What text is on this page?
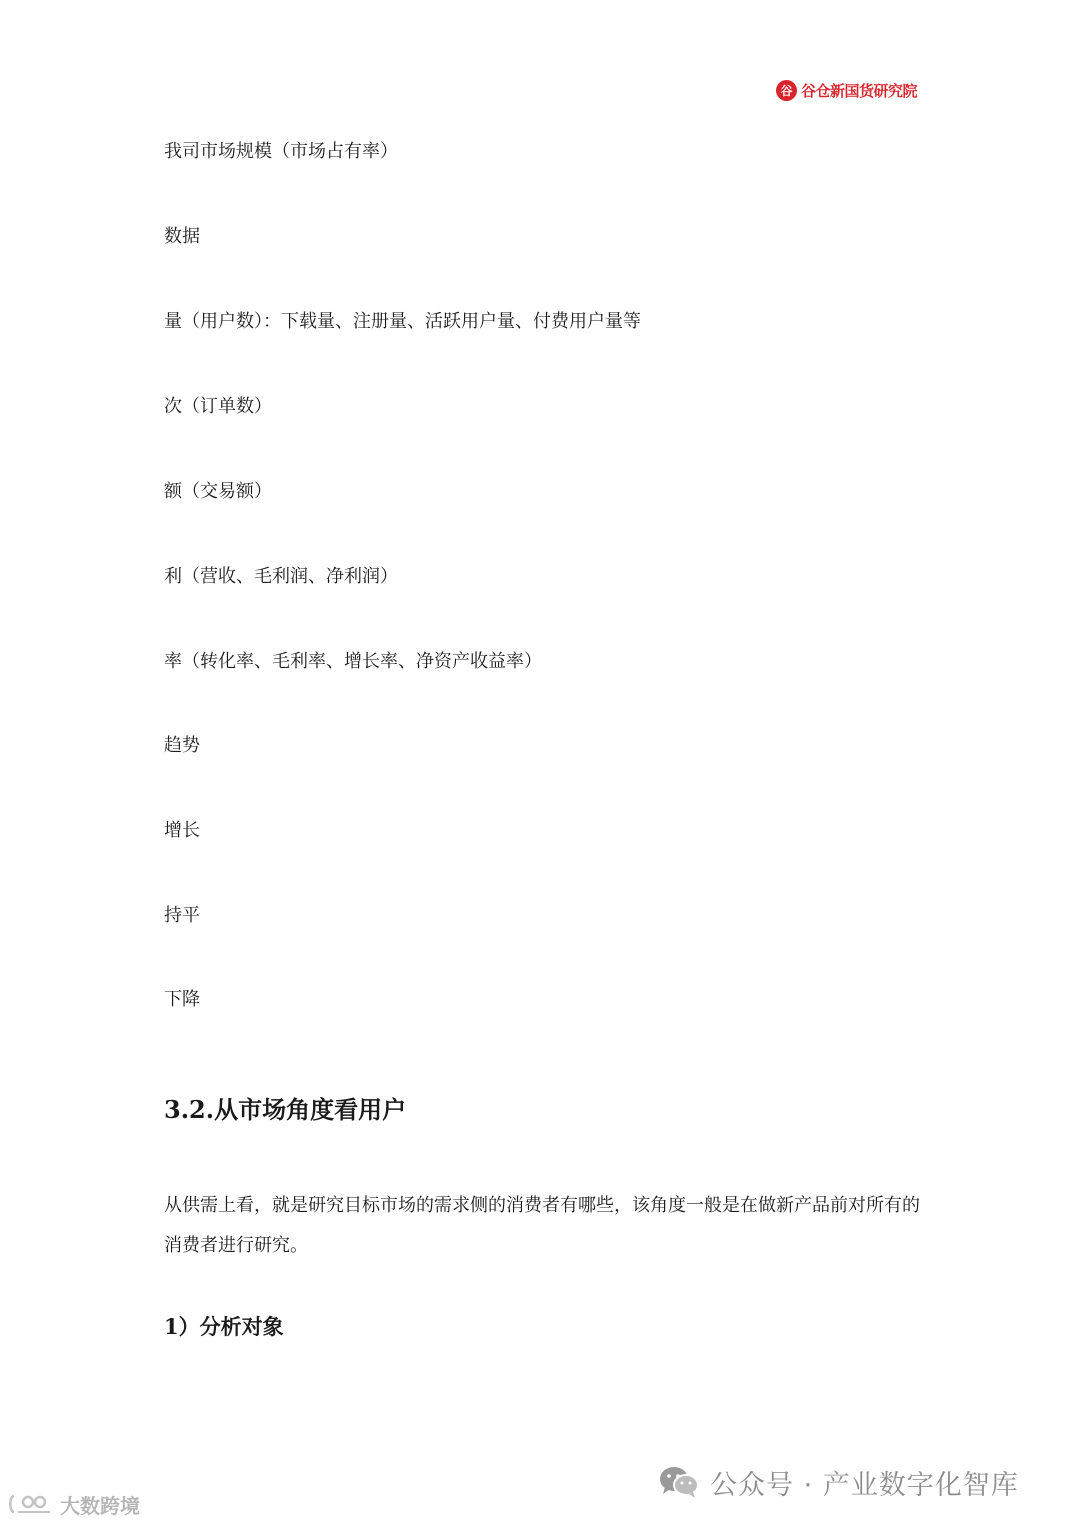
谷 谷仓新国货研究院
我司市场规模（市场占有率）
数据
量（用户数）：下载量、注册量、活跃用户量、付费用户量等
次（订单数）
额（交易额）
利（营收、毛利润、净利润）
率（转化率、毛利率、增长率、净资产收益率）
趋势
增长
持平
下降
3.2.从市场角度看用户
从供需上看，就是研究目标市场的需求侧的消费者有哪些，该角度一般是在做新产品前对所有的消费者进行研究。
1）分析对象
公众号 · 产业数字化智库
大数跨境
